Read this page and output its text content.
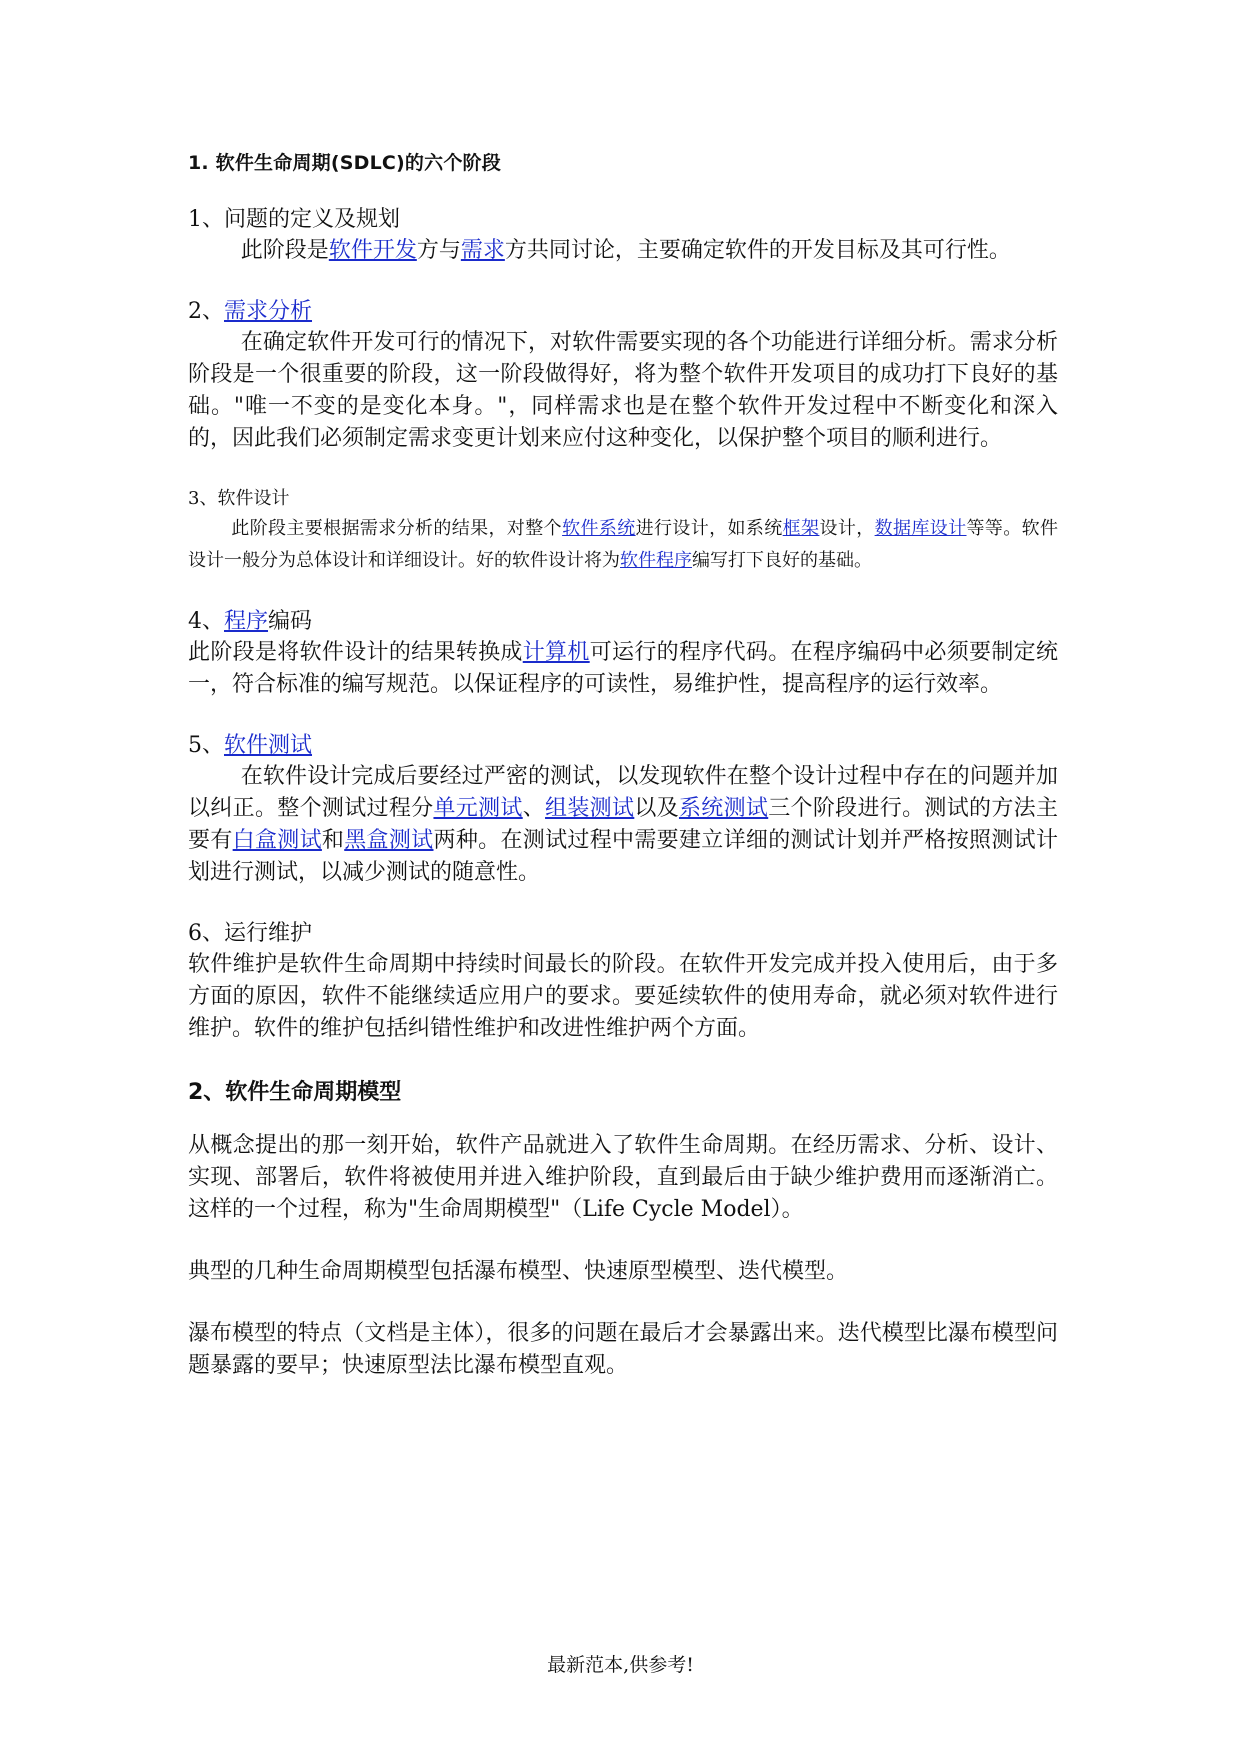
1. 软件生命周期(SDLC)的六个阶段

1、问题的定义及规划

此阶段是软件开发方与需求方共同讨论，主要确定软件的开发目标及其可行性。

2、需求分析

在确定软件开发可行的情况下，对软件需要实现的各个功能进行详细分析。需求分析阶段是一个很重要的阶段，这一阶段做得好，将为整个软件开发项目的成功打下良好的基础。"唯一不变的是变化本身。"，同样需求也是在整个软件开发过程中不断变化和深入的，因此我们必须制定需求变更计划来应付这种变化，以保护整个项目的顺利进行。

3、软件设计

此阶段主要根据需求分析的结果，对整个软件系统进行设计，如系统框架设计，数据库设计等等。软件设计一般分为总体设计和详细设计。好的软件设计将为软件程序编写打下良好的基础。

4、程序编码

此阶段是将软件设计的结果转换成计算机可运行的程序代码。在程序编码中必须要制定统一，符合标准的编写规范。以保证程序的可读性，易维护性，提高程序的运行效率。

5、软件测试

在软件设计完成后要经过严密的测试，以发现软件在整个设计过程中存在的问题并加以纠正。整个测试过程分单元测试、组装测试以及系统测试三个阶段进行。测试的方法主要有白盒测试和黑盒测试两种。在测试过程中需要建立详细的测试计划并严格按照测试计划进行测试，以减少测试的随意性。

6、运行维护

软件维护是软件生命周期中持续时间最长的阶段。在软件开发完成并投入使用后，由于多方面的原因，软件不能继续适应用户的要求。要延续软件的使用寿命，就必须对软件进行维护。软件的维护包括纠错性维护和改进性维护两个方面。

2、软件生命周期模型

从概念提出的那一刻开始，软件产品就进入了软件生命周期。在经历需求、分析、设计、实现、部署后，软件将被使用并进入维护阶段，直到最后由于缺少维护费用而逐渐消亡。这样的一个过程，称为"生命周期模型"（Life Cycle Model）。

典型的几种生命周期模型包括瀑布模型、快速原型模型、迭代模型。

瀑布模型的特点（文档是主体），很多的问题在最后才会暴露出来。迭代模型比瀑布模型问题暴露的要早；快速原型法比瀑布模型直观。

最新范本,供参考!
